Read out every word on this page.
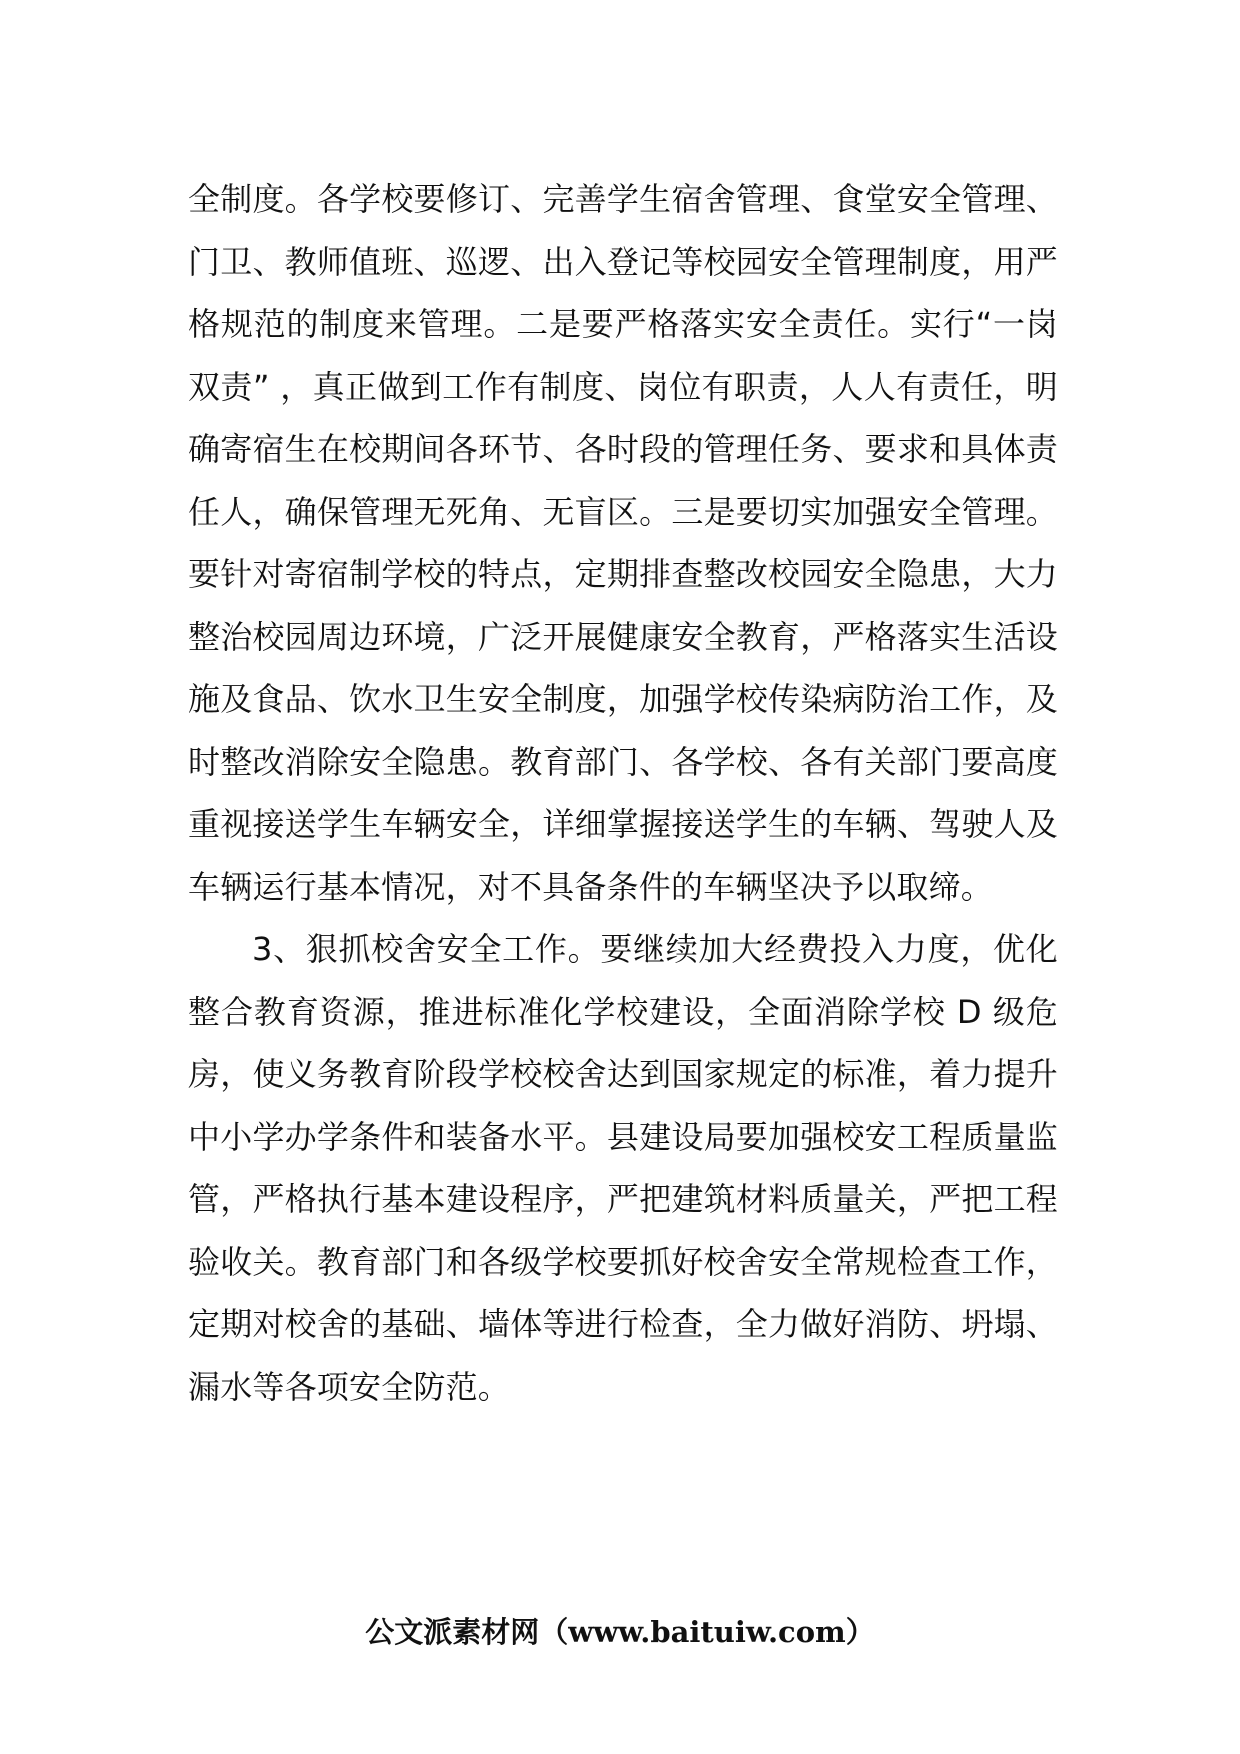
全制度。各学校要修订、完善学生宿舍管理、食堂安全管理、门卫、教师值班、巡逻、出入登记等校园安全管理制度，用严格规范的制度来管理。二是要严格落实安全责任。实行“一岗双责” ，真正做到工作有制度、岗位有职责，人人有责任，明确寄宿生在校期间各环节、各时段的管理任务、要求和具体责任人，确保管理无死角、无盲区。三是要切实加强安全管理。要针对寄宿制学校的特点，定期排查整改校园安全隐患，大力整治校园周边环境，广泛开展健康安全教育，严格落实生活设施及食品、饮水卫生安全制度，加强学校传染病防治工作，及时整改消除安全隐患。教育部门、各学校、各有关部门要高度重视接送学生车辆安全，详细掌握接送学生的车辆、驾驶人及车辆运行基本情况，对不具备条件的车辆坚决予以取缔。

3、狠抓校舍安全工作。要继续加大经费投入力度，优化整合教育资源，推进标准化学校建设，全面消除学校 D 级危房，使义务教育阶段学校校舍达到国家规定的标准，着力提升中小学办学条件和装备水平。县建设局要加强校安工程质量监管，严格执行基本建设程序，严把建筑材料质量关，严把工程验收关。教育部门和各级学校要抓好校舍安全常规检查工作，定期对校舍的基础、墙体等进行检查，全力做好消防、坍塌、漏水等各项安全防范。

公文派素材网（www.baituiw.com）
